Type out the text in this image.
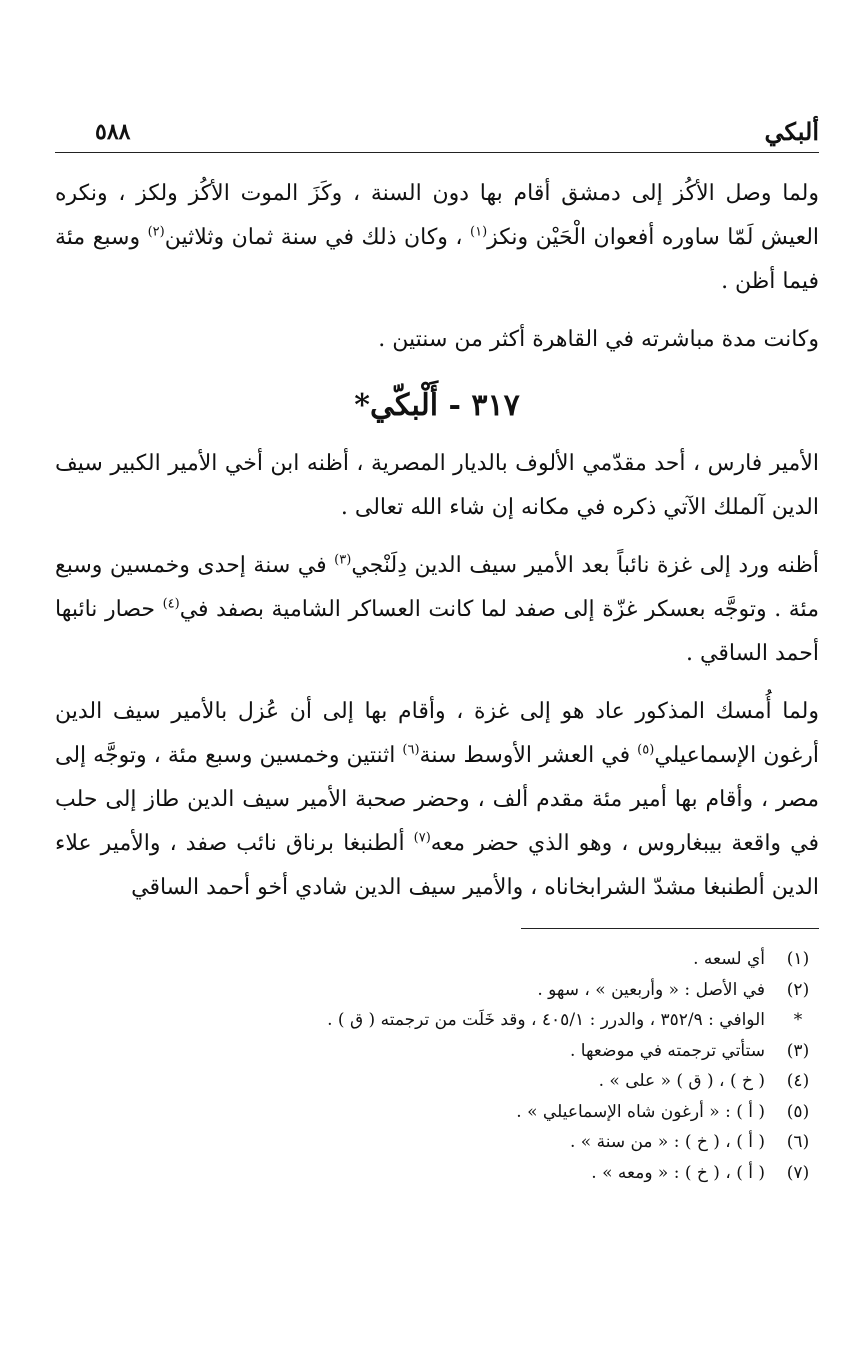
ألبكي
٥٨٨

ولما وصل الأكُز إلى دمشق أقام بها دون السنة ، وكَزَ الموت الأكُز ولكز ، ونكره العيش لَمّا ساوره أفعوان الْحَيْن ونكز$^{(١)}$ ، وكان ذلك في سنة ثمان وثلاثين$^{(٢)}$ وسبع مئة فيما أظن .

وكانت مدة مباشرته في القاهرة أكثر من سنتين .

٣١٧ - أَلْبكّي*

الأمير فارس ، أحد مقدّمي الألوف بالديار المصرية ، أظنه ابن أخي الأمير الكبير سيف الدين آلملك الآتي ذكره في مكانه إن شاء الله تعالى .

أظنه ورد إلى غزة نائباً بعد الأمير سيف الدين دِلَنْجي$^{(٣)}$ في سنة إحدى وخمسين وسبع مئة . وتوجَّه بعسكر غزّة إلى صفد لما كانت العساكر الشامية بصفد في$^{(٤)}$ حصار نائبها أحمد الساقي .

ولما أُمسك المذكور عاد هو إلى غزة ، وأقام بها إلى أن عُزل بالأمير سيف الدين أرغون الإسماعيلي$^{(٥)}$ في العشر الأوسط سنة$^{(٦)}$ اثنتين وخمسين وسبع مئة ، وتوجَّه إلى مصر ، وأقام بها أمير مئة مقدم ألف ، وحضر صحبة الأمير سيف الدين طاز إلى حلب في واقعة بيبغاروس ، وهو الذي حضر معه$^{(٧)}$ ألطنبغا برناق نائب صفد ، والأمير علاء الدين ألطنبغا مشدّ الشرابخاناه ، والأمير سيف الدين شادي أخو أحمد الساقي

(١)
أي لسعه .
(٢)
في الأصل : « وأربعين » ، سهو .
*
الوافي : ٣٥٢/٩ ، والدرر : ٤٠٥/١ ، وقد خَلَت من ترجمته ( ق ) .
(٣)
ستأتي ترجمته في موضعها .
(٤)
( خ ) ، ( ق ) « على » .
(٥)
( أ ) : « أرغون شاه الإسماعيلي » .
(٦)
( أ ) ، ( خ ) : « من سنة » .
(٧)
( أ ) ، ( خ ) : « ومعه » .
